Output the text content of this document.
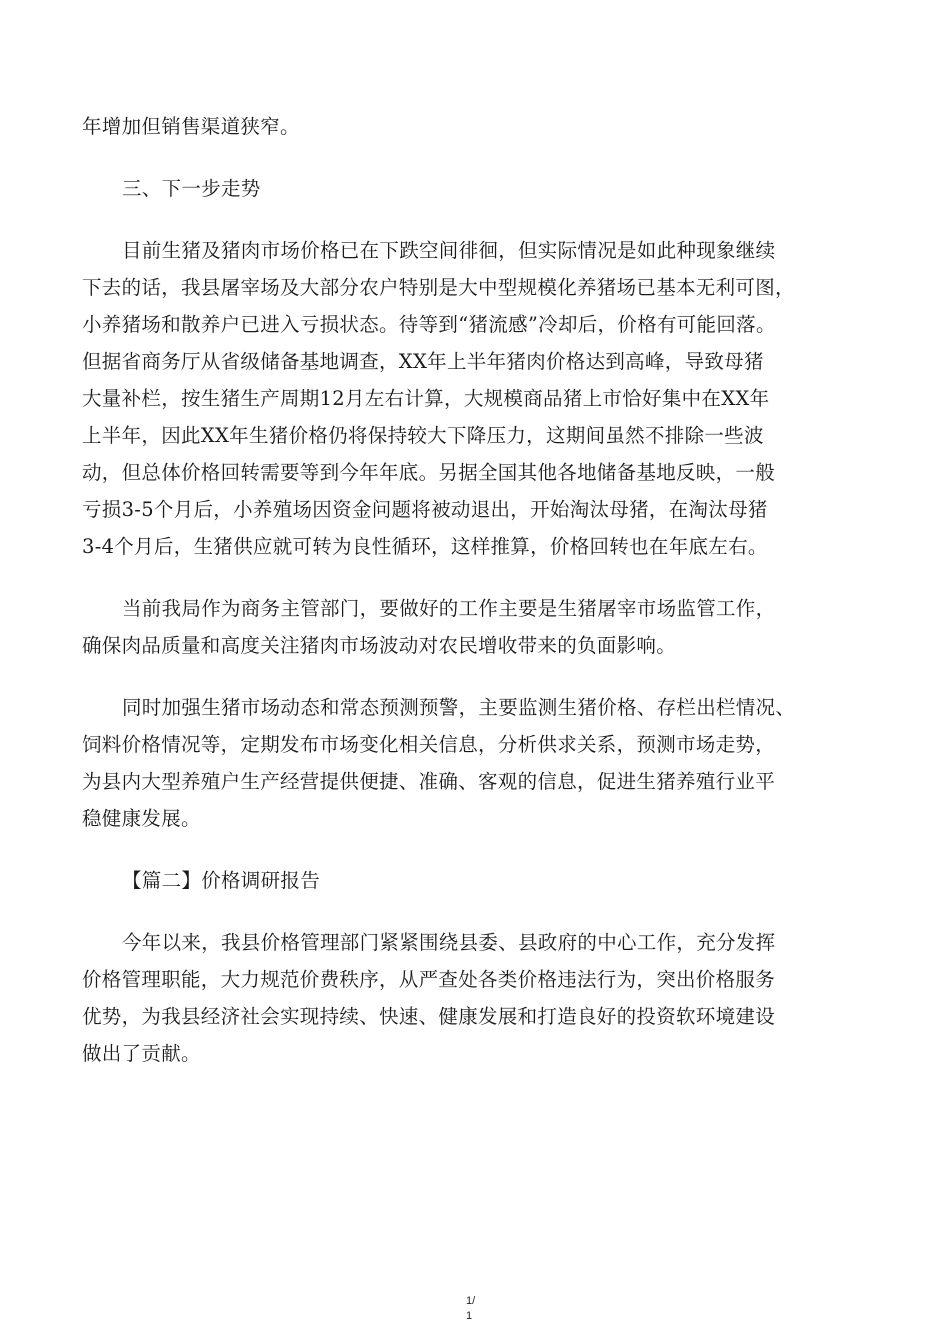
年增加但销售渠道狭窄。
三、下一步走势
目前生猪及猪肉市场价格已在下跌空间徘徊，但实际情况是如此种现象继续
下去的话，我县屠宰场及大部分农户特别是大中型规模化养猪场已基本无利可图，
小养猪场和散养户已进入亏损状态。待等到“猪流感”冷却后，价格有可能回落。
但据省商务厅从省级储备基地调查，XX年上半年猪肉价格达到高峰，导致母猪
大量补栏，按生猪生产周期12月左右计算，大规模商品猪上市恰好集中在XX年
上半年，因此XX年生猪价格仍将保持较大下降压力，这期间虽然不排除一些波
动，但总体价格回转需要等到今年年底。另据全国其他各地储备基地反映，一般
亏损3-5个月后，小养殖场因资金问题将被动退出，开始淘汰母猪，在淘汰母猪
3-4个月后，生猪供应就可转为良性循环，这样推算，价格回转也在年底左右。
当前我局作为商务主管部门，要做好的工作主要是生猪屠宰市场监管工作，
确保肉品质量和高度关注猪肉市场波动对农民增收带来的负面影响。
同时加强生猪市场动态和常态预测预警，主要监测生猪价格、存栏出栏情况、
饲料价格情况等，定期发布市场变化相关信息，分析供求关系，预测市场走势，
为县内大型养殖户生产经营提供便捷、准确、客观的信息，促进生猪养殖行业平
稳健康发展。
【篇二】价格调研报告
今年以来，我县价格管理部门紧紧围绕县委、县政府的中心工作，充分发挥
价格管理职能，大力规范价费秩序，从严查处各类价格违法行为，突出价格服务
优势，为我县经济社会实现持续、快速、健康发展和打造良好的投资软环境建设
做出了贡献。
1/
1
